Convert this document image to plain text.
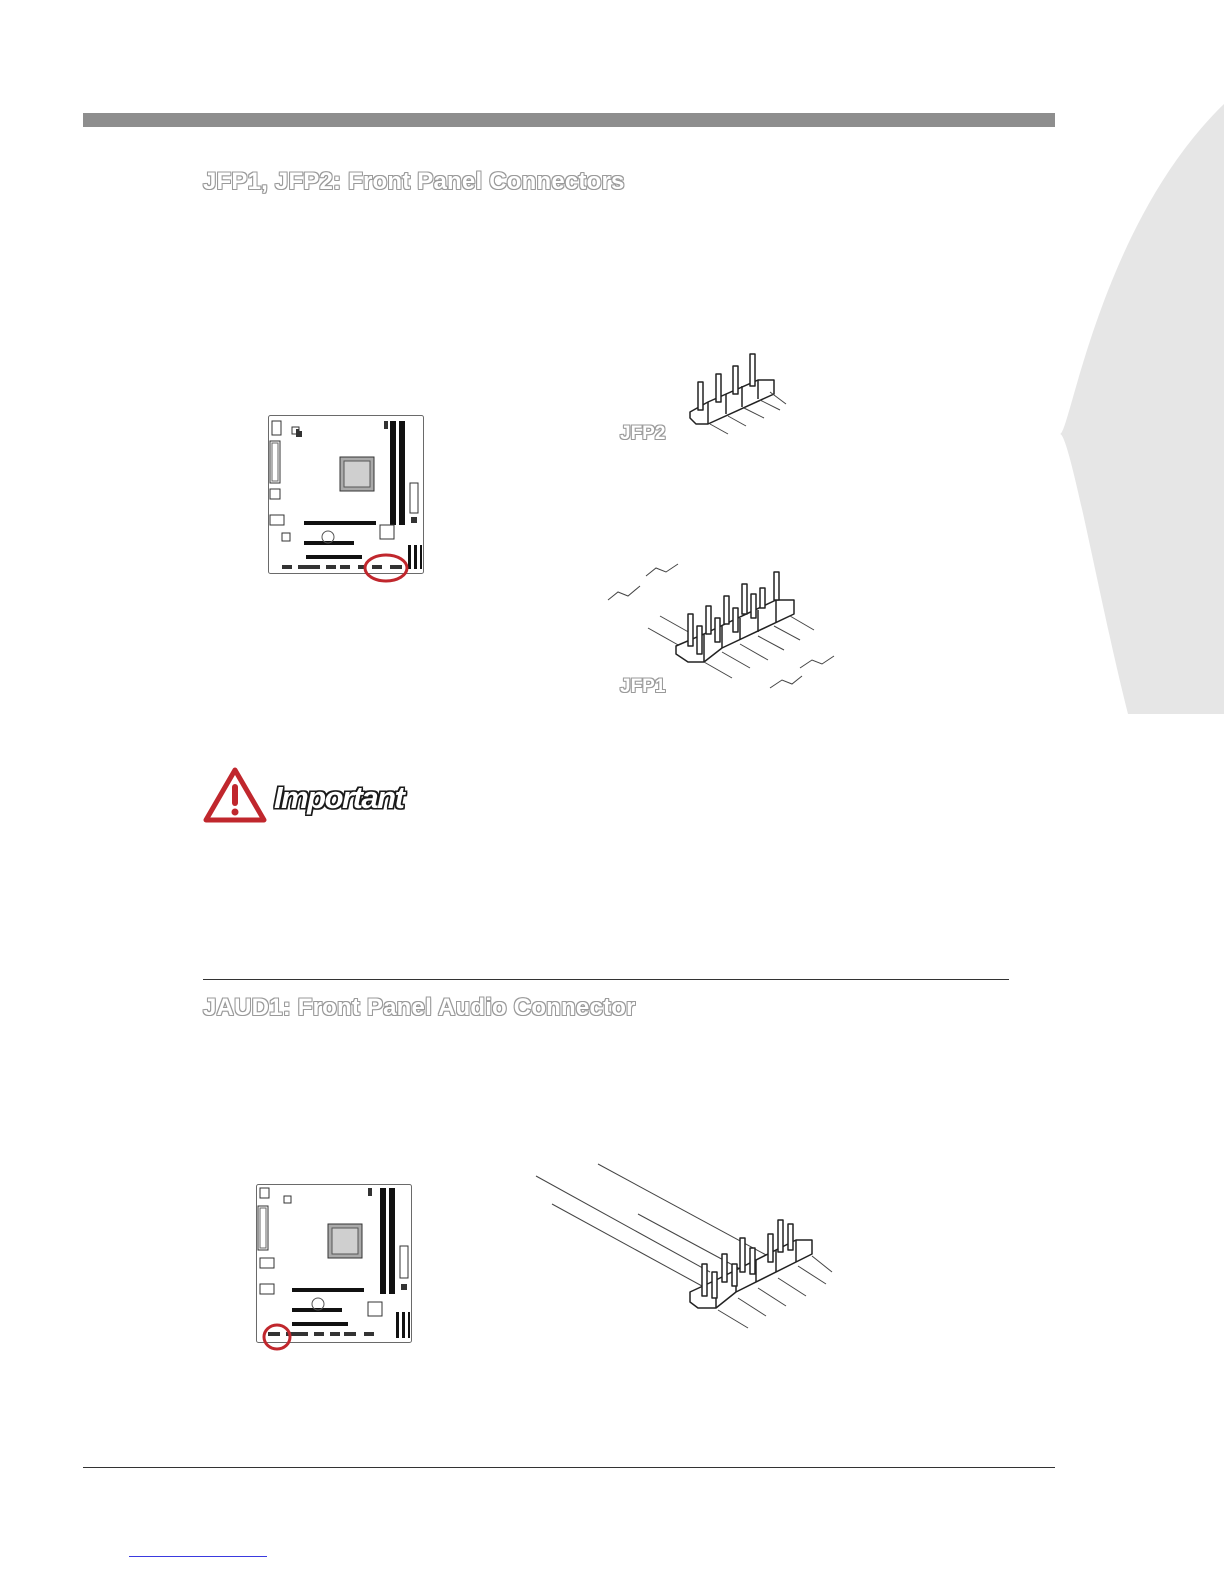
JFP1, JFP2: Front Panel Connectors
JFP2
JFP1
Important
JAUD1: Front Panel Audio Connector
